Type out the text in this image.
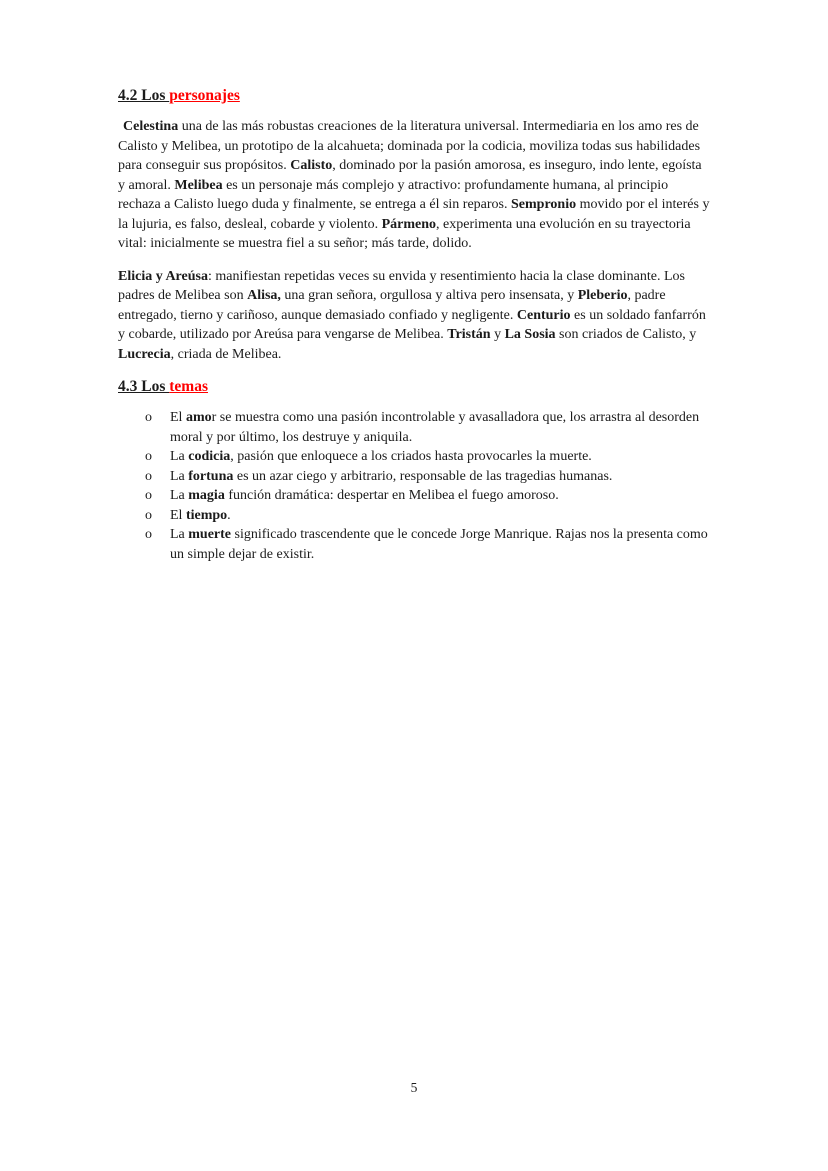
4.2 Los personajes

Celestina una de las más robustas creaciones de la literatura universal. Intermediaria en los amo res de Calisto y Melibea, un prototipo de la alcahueta; dominada por la codicia, moviliza todas sus habilidades para conseguir sus propósitos. Calisto, dominado por la pasión amorosa, es inseguro, indo lente, egoísta y amoral. Melibea es un personaje más complejo y atractivo: profundamente humana, al principio rechaza a Calisto luego duda y finalmente, se entrega a él sin reparos. Sempronio movido por el interés y la lujuria, es falso, desleal, cobarde y violento. Pármeno, experimenta una evolución en su trayectoria vital: inicialmente se muestra fiel a su señor; más tarde, dolido.

Elicia y Areúsa: manifiestan repetidas veces su envida y resentimiento hacia la clase dominante. Los padres de Melibea son Alisa, una gran señora, orgullosa y altiva pero insensata, y Pleberio, padre entregado, tierno y cariñoso, aunque demasiado confiado y negligente. Centurio es un soldado fanfarrón y cobarde, utilizado por Areúsa para vengarse de Melibea. Tristán y La Sosia son criados de Calisto, y Lucrecia, criada de Melibea.

4.3 Los temas
o	El amor se muestra como una pasión incontrolable y avasalladora que, los arrastra al desorden moral y por último, los destruye y aniquila.
o	La codicia, pasión que enloquece a los criados hasta provocarles la muerte.
o	La fortuna es un azar ciego y arbitrario, responsable de las tragedias humanas.
o	La magia función dramática: despertar en Melibea el fuego amoroso.
o	El tiempo.
o	La muerte significado trascendente que le concede Jorge Manrique. Rajas nos la presenta como un simple dejar de existir.
5
